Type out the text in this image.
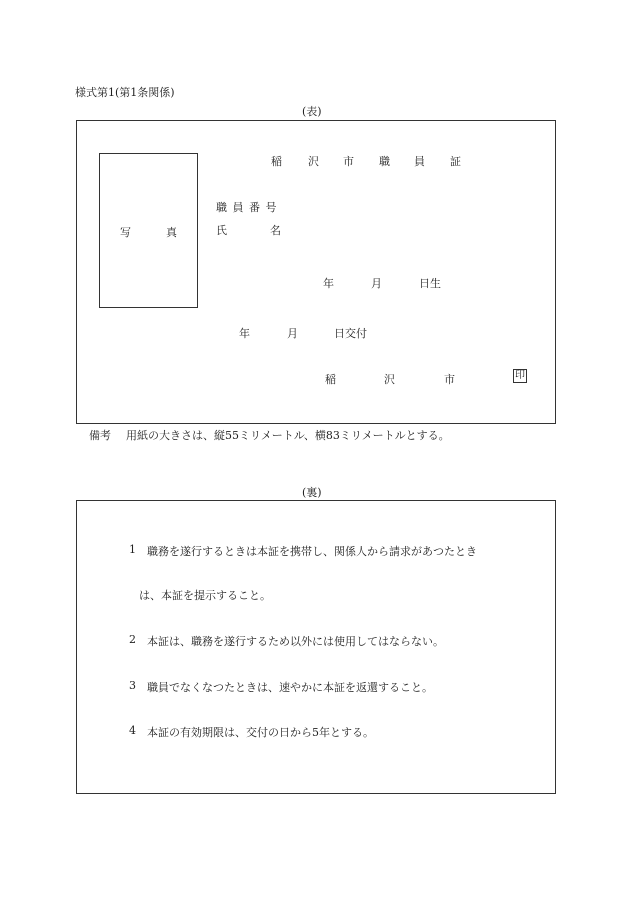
様式第1(第1条関係)
(表)
写	真
稲 沢 市 職 員 証
職 員 番 号
氏	名
年	月	日生
年	月	日交付
稲	沢	市	印
備考 用紙の大きさは、縦55ミリメートル、横83ミリメートルとする。
(裏)
1 職務を遂行するときは本証を携帯し、関係人から請求があつたとき
は、本証を提示すること。
2 本証は、職務を遂行するため以外には使用してはならない。
3 職員でなくなつたときは、速やかに本証を返還すること。
4 本証の有効期限は、交付の日から5年とする。
